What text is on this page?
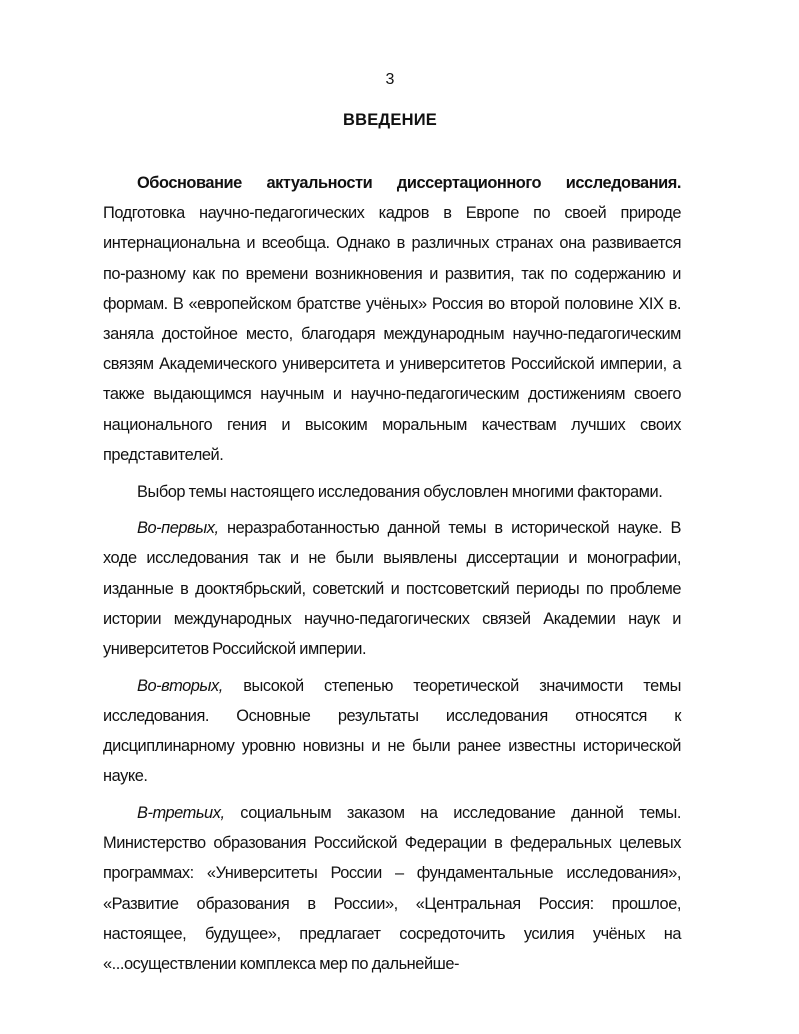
3
ВВЕДЕНИЕ

Обоснование актуальности диссертационного исследования. Подготовка научно-педагогических кадров в Европе по своей природе интернациональна и всеобща. Однако в различных странах она развивается по-разному как по времени возникновения и развития, так по содержанию и формам. В «европейском братстве учёных» Россия во второй половине XIX в. заняла достойное место, благодаря международным научно-педагогическим связям Академического университета и университетов Российской империи, а также выдающимся научным и научно-педагогическим достижениям своего национального гения и высоким моральным качествам лучших своих представителей.

Выбор темы настоящего исследования обусловлен многими факторами.

Во-первых, неразработанностью данной темы в исторической науке. В ходе исследования так и не были выявлены диссертации и монографии, изданные в дооктябрьский, советский и постсоветский периоды по проблеме истории международных научно-педагогических связей Академии наук и университетов Российской империи.

Во-вторых, высокой степенью теоретической значимости темы исследования. Основные результаты исследования относятся к дисциплинарному уровню новизны и не были ранее известны исторической науке.

В-третьих, социальным заказом на исследование данной темы. Министерство образования Российской Федерации в федеральных целевых программах: «Университеты России – фундаментальные исследования», «Развитие образования в России», «Центральная Россия: прошлое, настоящее, будущее», предлагает сосредоточить усилия учёных на «...осуществлении комплекса мер по дальнейше-
